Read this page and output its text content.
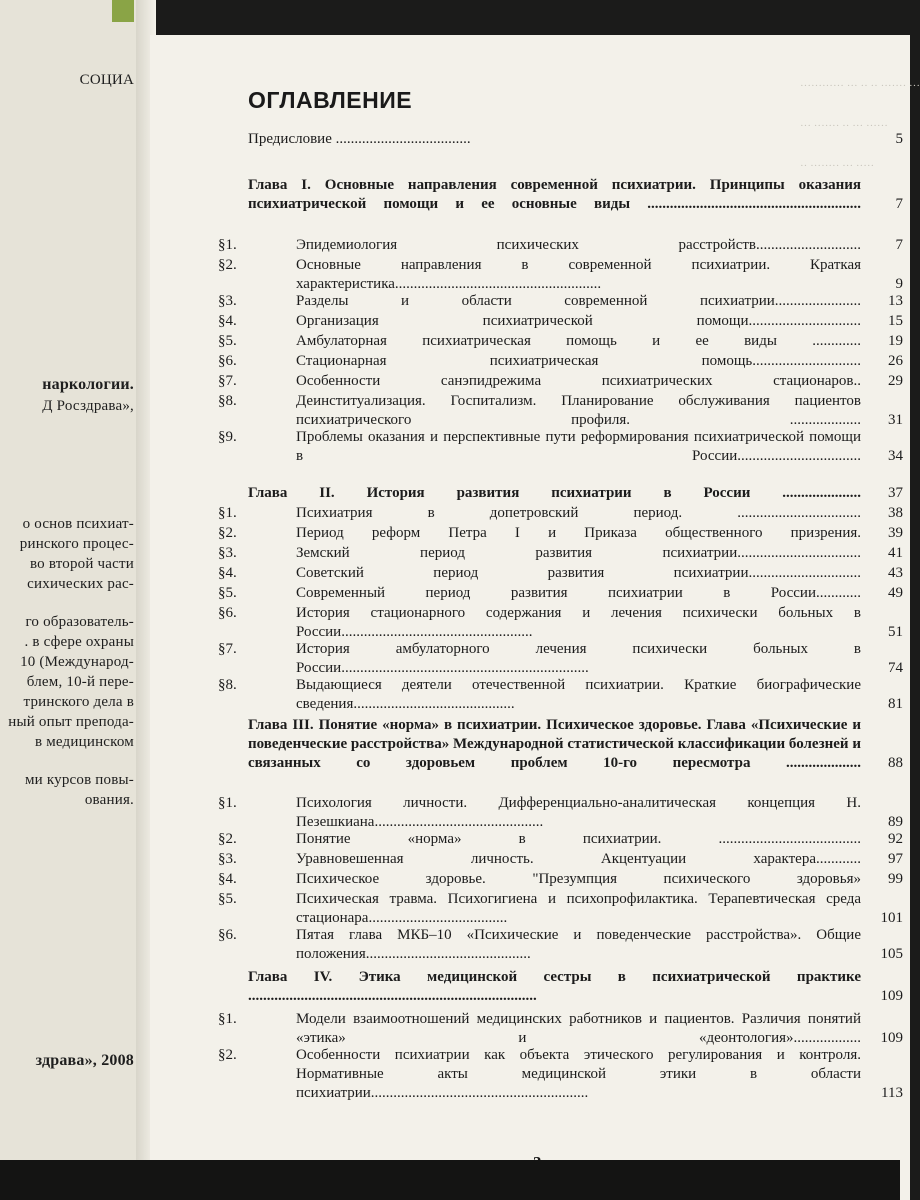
СОЦИА
наркологии.
Д Росздрава»,
о основ психиат-
ринского процес-
во второй части
сихических рас-
го образователь-
. в сфере охраны
10 (Международ-
блем, 10-й пере-
тринского дела в
ный опыт препода-
в медицинском
ми курсов повы-
ования.
здрава», 2008
············ ··· ·· ·· ······· ···
··· ······· ·· ··· ······
·· ········ ··· ·····
ОГЛАВЛЕНИЕ
Предисловие ....................................	5
Глава I. Основные направления современной психиатрии. Принципы оказания психиатрической помощи и ее основные виды ......................................................... 7
§1.	Эпидемиология психических расстройств............................ 7
§2.	Основные направления в современной психиатрии. Краткая характеристика.......................................................	9
§3.	Разделы и области современной психиатрии....................... 13
§4.	Организация психиатрической помощи.............................. 15
§5.	Амбулаторная психиатрическая помощь и ее виды ............. 19
§6.	Стационарная психиатрическая помощь............................. 26
§7.	Особенности санэпидрежима психиатрических стационаров.. 29
§8.	Деинституализация. Госпитализм. Планирование обслуживания пациентов психиатрического профиля. ................... 31
§9.	Проблемы оказания и перспективные пути реформирования психиатрической помощи в России................................. 34
Глава II. История развития психиатрии в России ..................... 37
§1.	Психиатрия в допетровский период. ................................. 38
§2.	Период реформ Петра I и Приказа общественного призрения. 39
§3.	Земский период развития психиатрии................................. 41
§4.	Советский период развития психиатрии.............................. 43
§5.	Современный период развития психиатрии в России............ 49
§6.	История стационарного содержания и лечения психически больных в России...................................................	51
§7.	История амбулаторного лечения психически больных в России..................................................................	74
§8.	Выдающиеся деятели отечественной психиатрии. Краткие биографические сведения...........................................	81
Глава III. Понятие «норма» в психиатрии. Психическое здоровье. Глава «Психические и поведенческие расстройства» Международной статистической классификации болезней и связанных со здоровьем проблем 10-го пересмотра .................... 88
§1.	Психология личности. Дифференциально-аналитическая концепция Н. Пезешкиана.............................................	89
§2.	Понятие «норма» в психиатрии. ...................................... 92
§3.	Уравновешенная личность. Акцентуации характера............ 97
§4.	Психическое здоровье. "Презумпция психического здоровья» 99
§5.	Психическая травма. Психогигиена и психопрофилактика. Терапевтическая среда стационара.....................................	101
§6.	Пятая глава МКБ–10 «Психические и поведенческие расстройства». Общие положения............................................	105
Глава IV. Этика медицинской сестры в психиатрической практике .............................................................................	109
§1.	Модели взаимоотношений медицинских работников и пациентов. Различия понятий «этика» и «деонтология».................. 109
§2.	Особенности психиатрии как объекта этического регулирования и контроля. Нормативные акты медицинской этики в области психиатрии..........................................................	113
